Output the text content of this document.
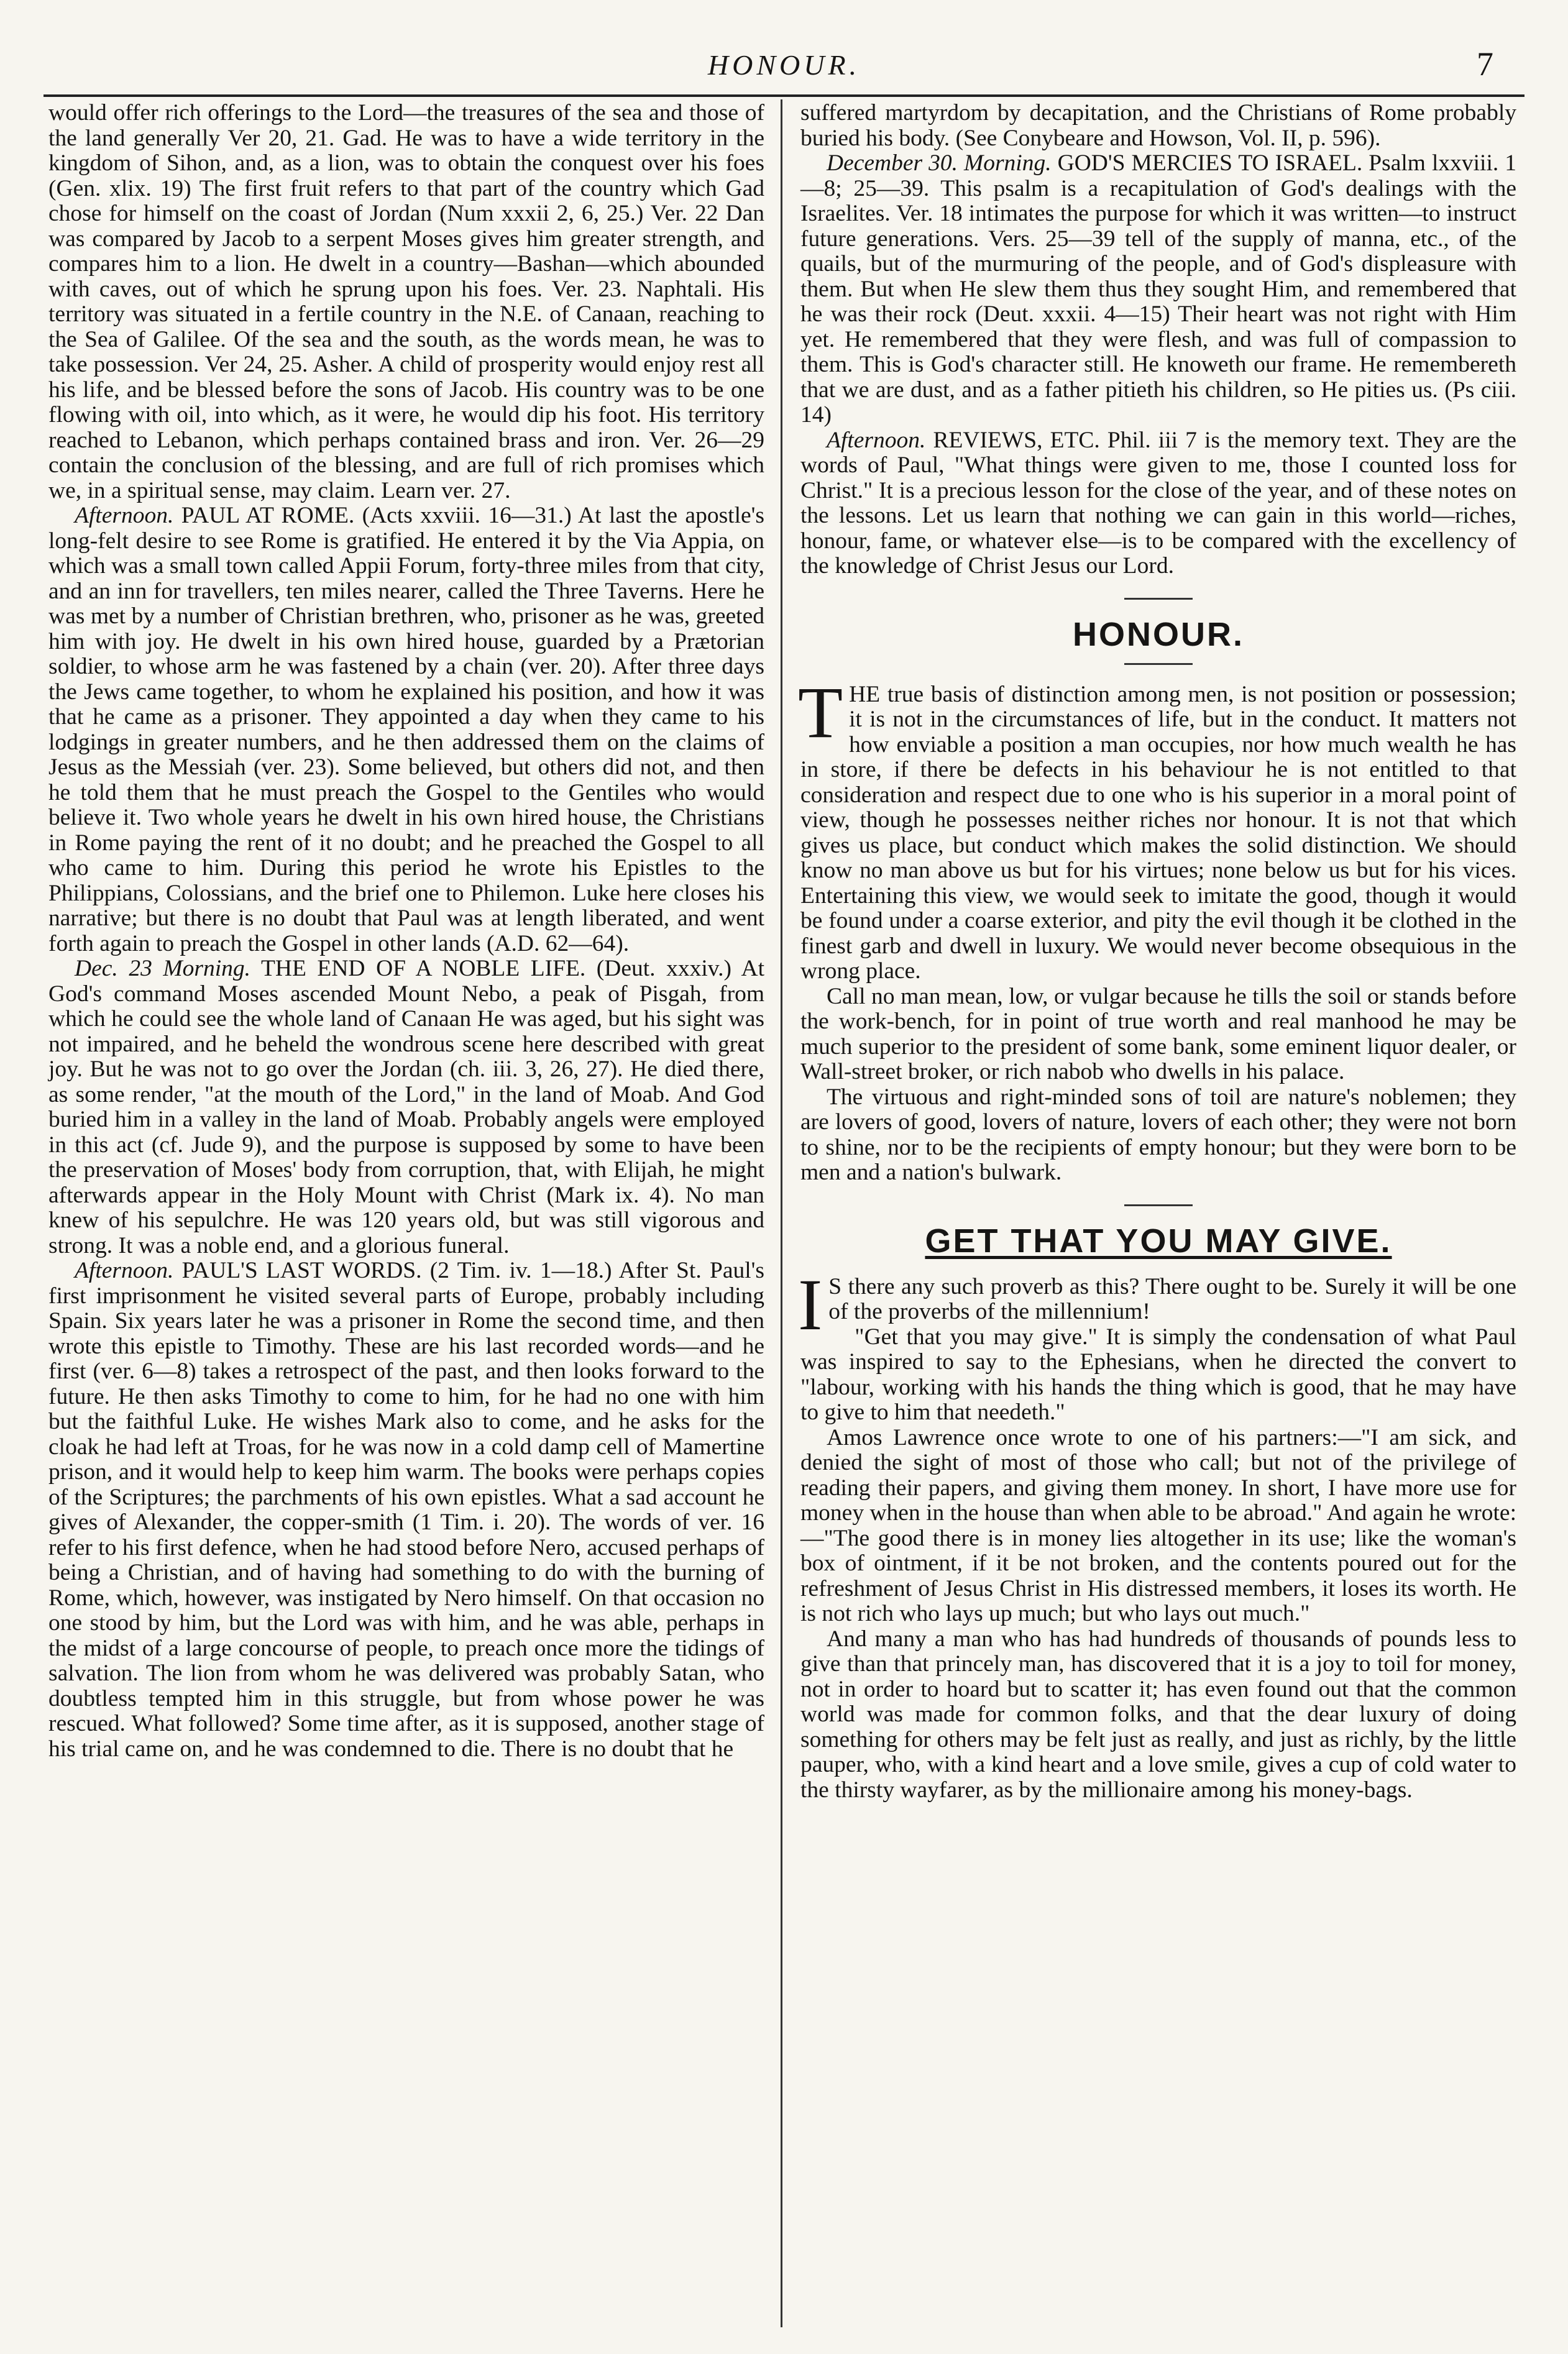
HONOUR.	7

would offer rich offerings to the Lord—the treasures of the sea and those of the land generally Ver 20, 21. Gad. He was to have a wide territory in the kingdom of Sihon, and, as a lion, was to obtain the conquest over his foes (Gen. xlix. 19) The first fruit refers to that part of the country which Gad chose for himself on the coast of Jordan (Num xxxii 2, 6, 25.) Ver. 22 Dan was compared by Jacob to a serpent Moses gives him greater strength, and compares him to a lion. He dwelt in a country—Bashan—which abounded with caves, out of which he sprung upon his foes. Ver. 23. Naphtali. His territory was situated in a fertile country in the N.E. of Canaan, reaching to the Sea of Galilee. Of the sea and the south, as the words mean, he was to take possession. Ver 24, 25. Asher. A child of prosperity would enjoy rest all his life, and be blessed before the sons of Jacob. His country was to be one flowing with oil, into which, as it were, he would dip his foot. His territory reached to Lebanon, which perhaps contained brass and iron. Ver. 26—29 contain the conclusion of the blessing, and are full of rich promises which we, in a spiritual sense, may claim. Learn ver. 27.

Afternoon. PAUL AT ROME. (Acts xxviii. 16—31.) At last the apostle's long-felt desire to see Rome is gratified. He entered it by the Via Appia, on which was a small town called Appii Forum, forty-three miles from that city, and an inn for travellers, ten miles nearer, called the Three Taverns. Here he was met by a number of Christian brethren, who, prisoner as he was, greeted him with joy. He dwelt in his own hired house, guarded by a Prætorian soldier, to whose arm he was fastened by a chain (ver. 20). After three days the Jews came together, to whom he explained his position, and how it was that he came as a prisoner. They appointed a day when they came to his lodgings in greater numbers, and he then addressed them on the claims of Jesus as the Messiah (ver. 23). Some believed, but others did not, and then he told them that he must preach the Gospel to the Gentiles who would believe it. Two whole years he dwelt in his own hired house, the Christians in Rome paying the rent of it no doubt; and he preached the Gospel to all who came to him. During this period he wrote his Epistles to the Philippians, Colossians, and the brief one to Philemon. Luke here closes his narrative; but there is no doubt that Paul was at length liberated, and went forth again to preach the Gospel in other lands (A.D. 62—64).

Dec. 23 Morning. THE END OF A NOBLE LIFE. (Deut. xxxiv.) At God's command Moses ascended Mount Nebo, a peak of Pisgah, from which he could see the whole land of Canaan He was aged, but his sight was not impaired, and he beheld the wondrous scene here described with great joy. But he was not to go over the Jordan (ch. iii. 3, 26, 27). He died there, as some render, "at the mouth of the Lord," in the land of Moab. And God buried him in a valley in the land of Moab. Probably angels were employed in this act (cf. Jude 9), and the purpose is supposed by some to have been the preservation of Moses' body from corruption, that, with Elijah, he might afterwards appear in the Holy Mount with Christ (Mark ix. 4). No man knew of his sepulchre. He was 120 years old, but was still vigorous and strong. It was a noble end, and a glorious funeral.

Afternoon. PAUL'S LAST WORDS. (2 Tim. iv. 1—18.) After St. Paul's first imprisonment he visited several parts of Europe, probably including Spain. Six years later he was a prisoner in Rome the second time, and then wrote this epistle to Timothy. These are his last recorded words—and he first (ver. 6—8) takes a retrospect of the past, and then looks forward to the future. He then asks Timothy to come to him, for he had no one with him but the faithful Luke. He wishes Mark also to come, and he asks for the cloak he had left at Troas, for he was now in a cold damp cell of Mamertine prison, and it would help to keep him warm. The books were perhaps copies of the Scriptures; the parchments of his own epistles. What a sad account he gives of Alexander, the copper-smith (1 Tim. i. 20). The words of ver. 16 refer to his first defence, when he had stood before Nero, accused perhaps of being a Christian, and of having had something to do with the burning of Rome, which, however, was instigated by Nero himself. On that occasion no one stood by him, but the Lord was with him, and he was able, perhaps in the midst of a large concourse of people, to preach once more the tidings of salvation. The lion from whom he was delivered was probably Satan, who doubtless tempted him in this struggle, but from whose power he was rescued. What followed? Some time after, as it is supposed, another stage of his trial came on, and he was condemned to die. There is no doubt that he

suffered martyrdom by decapitation, and the Christians of Rome probably buried his body. (See Conybeare and Howson, Vol. II, p. 596).

December 30. Morning. GOD'S MERCIES TO ISRAEL. Psalm lxxviii. 1—8; 25—39. This psalm is a recapitulation of God's dealings with the Israelites. Ver. 18 intimates the purpose for which it was written—to instruct future generations. Vers. 25—39 tell of the supply of manna, etc., of the quails, but of the murmuring of the people, and of God's displeasure with them. But when He slew them thus they sought Him, and remembered that he was their rock (Deut. xxxii. 4—15) Their heart was not right with Him yet. He remembered that they were flesh, and was full of compassion to them. This is God's character still. He knoweth our frame. He remembereth that we are dust, and as a father pitieth his children, so He pities us. (Ps ciii. 14)

Afternoon. REVIEWS, ETC. Phil. iii 7 is the memory text. They are the words of Paul, "What things were given to me, those I counted loss for Christ." It is a precious lesson for the close of the year, and of these notes on the lessons. Let us learn that nothing we can gain in this world—riches, honour, fame, or whatever else—is to be compared with the excellency of the knowledge of Christ Jesus our Lord.

HONOUR.

THE true basis of distinction among men, is not position or possession; it is not in the circumstances of life, but in the conduct. It matters not how enviable a position a man occupies, nor how much wealth he has in store, if there be defects in his behaviour he is not entitled to that consideration and respect due to one who is his superior in a moral point of view, though he possesses neither riches nor honour. It is not that which gives us place, but conduct which makes the solid distinction. We should know no man above us but for his virtues; none below us but for his vices. Entertaining this view, we would seek to imitate the good, though it would be found under a coarse exterior, and pity the evil though it be clothed in the finest garb and dwell in luxury. We would never become obsequious in the wrong place.

Call no man mean, low, or vulgar because he tills the soil or stands before the work-bench, for in point of true worth and real manhood he may be much superior to the president of some bank, some eminent liquor dealer, or Wall-street broker, or rich nabob who dwells in his palace.

The virtuous and right-minded sons of toil are nature's noblemen; they are lovers of good, lovers of nature, lovers of each other; they were not born to shine, nor to be the recipients of empty honour; but they were born to be men and a nation's bulwark.

GET THAT YOU MAY GIVE.

I S there any such proverb as this? There ought to be. Surely it will be one of the proverbs of the millennium!

"Get that you may give." It is simply the condensation of what Paul was inspired to say to the Ephesians, when he directed the convert to "labour, working with his hands the thing which is good, that he may have to give to him that needeth."

Amos Lawrence once wrote to one of his partners:—"I am sick, and denied the sight of most of those who call; but not of the privilege of reading their papers, and giving them money. In short, I have more use for money when in the house than when able to be abroad." And again he wrote:—"The good there is in money lies altogether in its use; like the woman's box of ointment, if it be not broken, and the contents poured out for the refreshment of Jesus Christ in His distressed members, it loses its worth. He is not rich who lays up much; but who lays out much."

And many a man who has had hundreds of thousands of pounds less to give than that princely man, has discovered that it is a joy to toil for money, not in order to hoard but to scatter it; has even found out that the common world was made for common folks, and that the dear luxury of doing something for others may be felt just as really, and just as richly, by the little pauper, who, with a kind heart and a love smile, gives a cup of cold water to the thirsty wayfarer, as by the millionaire among his money-bags.
